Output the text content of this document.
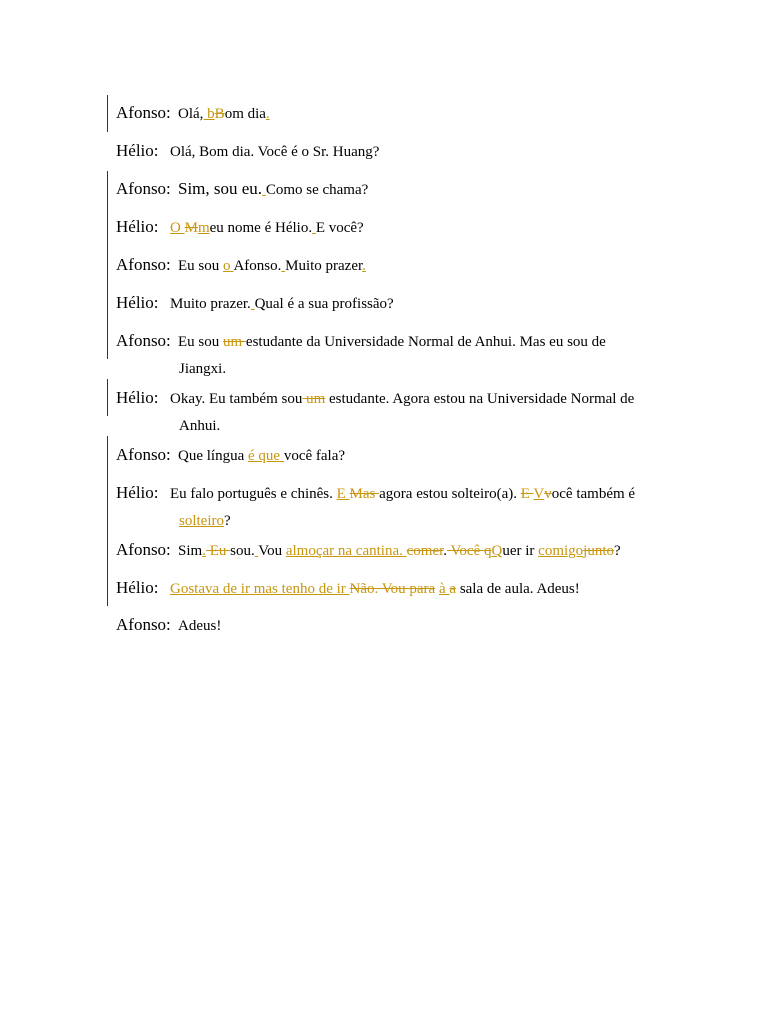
Afonso: Olá, bBom dia.
Hélio: Olá, Bom dia. Você é o Sr. Huang?
Afonso: Sim, sou eu. Como se chama?
Hélio: O Mmeu nome é Hélio. E você?
Afonso: Eu sou o Afonso. Muito prazer.
Hélio: Muito prazer. Qual é a sua profissão?
Afonso: Eu sou um estudante da Universidade Normal de Anhui. Mas eu sou de
Jiangxi.
Hélio: Okay. Eu também sou um estudante. Agora estou na Universidade Normal de
Anhui.
Afonso: Que língua é que você fala?
Hélio: Eu falo português e chinês. E Mas agora estou solteiro(a). E Vvocê também é
solteiro?
Afonso: Sim. Eu sou. Vou almoçar na cantina. comer. Você qQuer ir comigojunto?
Hélio: Gostava de ir mas tenho de ir Não. Vou para à a sala de aula. Adeus!
Afonso: Adeus!
